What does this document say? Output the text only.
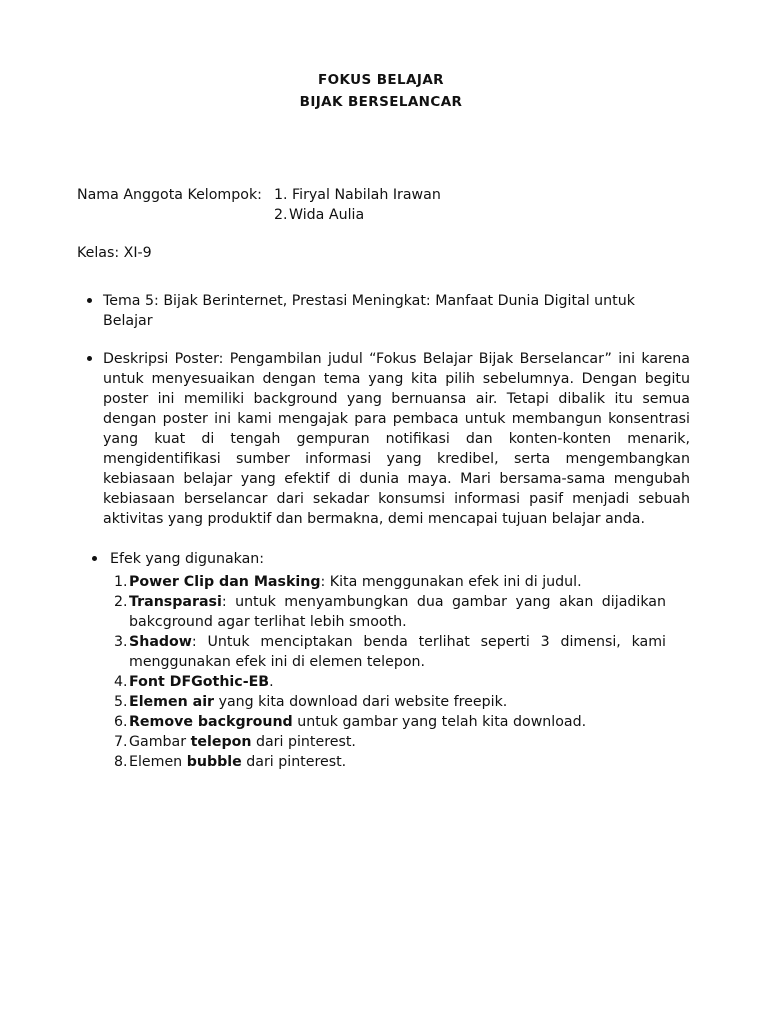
FOKUS BELAJAR
BIJAK BERSELANCAR
Nama Anggota Kelompok: 1. Firyal Nabilah Irawan
2. Wida Aulia
Kelas: XI-9
Tema 5: Bijak Berinternet, Prestasi Meningkat: Manfaat Dunia Digital untuk
Belajar
Deskripsi Poster: Pengambilan judul “Fokus Belajar Bijak Berselancar” ini karena untuk menyesuaikan dengan tema yang kita pilih sebelumnya. Dengan begitu poster ini memiliki background yang bernuansa air. Tetapi dibalik itu semua dengan poster ini kami mengajak para pembaca untuk membangun konsentrasi yang kuat di tengah gempuran notifikasi dan konten-konten menarik, mengidentifikasi sumber informasi yang kredibel, serta mengembangkan kebiasaan belajar yang efektif di dunia maya. Mari bersama-sama mengubah kebiasaan berselancar dari sekadar konsumsi informasi pasif menjadi sebuah aktivitas yang produktif dan bermakna, demi mencapai tujuan belajar anda.
Efek yang digunakan:
1. Power Clip dan Masking: Kita menggunakan efek ini di judul.
2. Transparasi: untuk menyambungkan dua gambar yang akan dijadikan bakcground agar terlihat lebih smooth.
3. Shadow: Untuk menciptakan benda terlihat seperti 3 dimensi, kami menggunakan efek ini di elemen telepon.
4. Font DFGothic-EB.
5. Elemen air yang kita download dari website freepik.
6. Remove background untuk gambar yang telah kita download.
7. Gambar telepon dari pinterest.
8. Elemen bubble dari pinterest.
